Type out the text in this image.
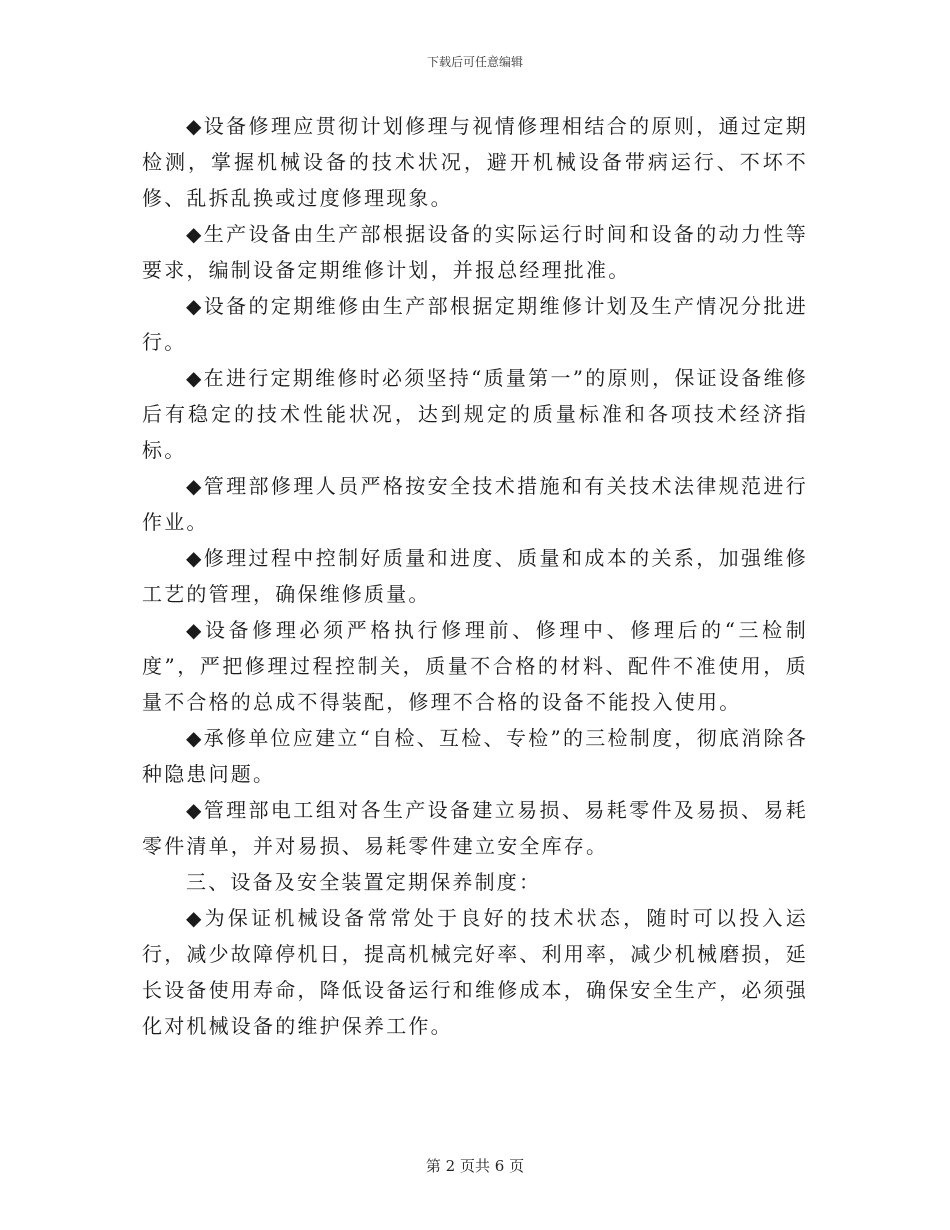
下载后可任意编辑

◆设备修理应贯彻计划修理与视情修理相结合的原则，通过定期检测，掌握机械设备的技术状况，避开机械设备带病运行、不坏不修、乱拆乱换或过度修理现象。

◆生产设备由生产部根据设备的实际运行时间和设备的动力性等要求，编制设备定期维修计划，并报总经理批准。

◆设备的定期维修由生产部根据定期维修计划及生产情况分批进行。

◆在进行定期维修时必须坚持“质量第一”的原则，保证设备维修后有稳定的技术性能状况，达到规定的质量标准和各项技术经济指标。

◆管理部修理人员严格按安全技术措施和有关技术法律规范进行作业。

◆修理过程中控制好质量和进度、质量和成本的关系，加强维修工艺的管理，确保维修质量。

◆设备修理必须严格执行修理前、修理中、修理后的“三检制度”，严把修理过程控制关，质量不合格的材料、配件不准使用，质量不合格的总成不得装配，修理不合格的设备不能投入使用。

◆承修单位应建立“自检、互检、专检”的三检制度，彻底消除各种隐患问题。

◆管理部电工组对各生产设备建立易损、易耗零件及易损、易耗零件清单，并对易损、易耗零件建立安全库存。

三、设备及安全装置定期保养制度：

◆为保证机械设备常常处于良好的技术状态，随时可以投入运行，减少故障停机日，提高机械完好率、利用率，减少机械磨损，延长设备使用寿命，降低设备运行和维修成本，确保安全生产，必须强化对机械设备的维护保养工作。

第 2 页共 6 页
